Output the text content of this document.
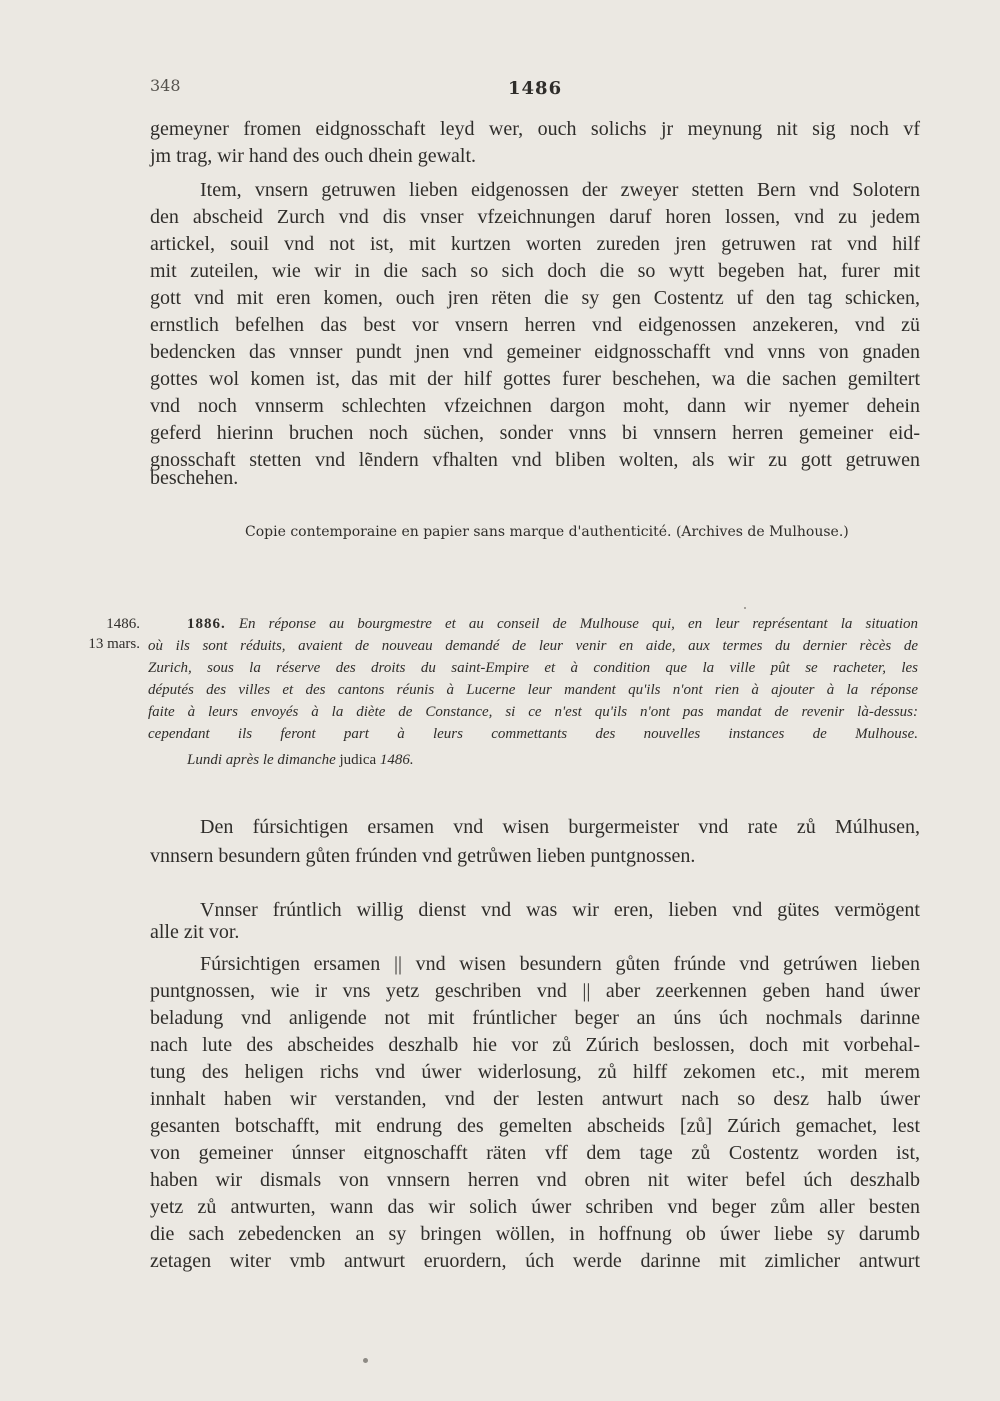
348	1486
gemeyner fromen eidgnosschaft leyd wer, ouch solichs jr meynung nit sig noch vf
jm trag, wir hand des ouch dhein gewalt.
Item, vnsern getruwen lieben eidgenossen der zweyer stetten Bern vnd Solotern
den abscheid Zurch vnd dis vnser vfzeichnungen daruf horen lossen, vnd zu jedem
artickel, souil vnd not ist, mit kurtzen worten zureden jren getruwen rat vnd hilf
mit zuteilen, wie wir in die sach so sich doch die so wytt begeben hat, furer mit
gott vnd mit eren komen, ouch jren rëten die sy gen Costentz uf den tag schicken,
ernstlich befelhen das best vor vnsern herren vnd eidgenossen anzekeren, vnd zü
bedencken das vnnser pundt jnen vnd gemeiner eidgnosschafft vnd vnns von gnaden
gottes wol komen ist, das mit der hilf gottes furer beschehen, wa die sachen gemiltert
vnd noch vnnserm schlechten vfzeichnen dargon moht, dann wir nyemer dehein
geferd hierinn bruchen noch süchen, sonder vnns bi vnnsern herren gemeiner eid-
gnosschaft stetten vnd lẽndern vfhalten vnd bliben wolten, als wir zu gott getruwen
beschehen.
Copie contemporaine en papier sans marque d'authenticité. (Archives de Mulhouse.)
1486.
13 mars.
1886. En réponse au bourgmestre et au conseil de Mulhouse qui, en leur représentant la situation
où ils sont réduits, avaient de nouveau demandé de leur venir en aide, aux termes du dernier rècès de
Zurich, sous la réserve des droits du saint-Empire et à condition que la ville pût se racheter, les
députés des villes et des cantons réunis à Lucerne leur mandent qu'ils n'ont rien à ajouter à la réponse
faite à leurs envoyés à la diète de Constance, si ce n'est qu'ils n'ont pas mandat de revenir là-dessus:
cependant ils feront part à leurs commettants des nouvelles instances de Mulhouse.
Lundi après le dimanche judica 1486.
Den fúrsichtigen ersamen vnd wisen burgermeister vnd rate zů Múlhusen,
vnnsern besundern gůten frúnden vnd getrůwen lieben puntgnossen.
Vnnser frúntlich willig dienst vnd was wir eren, lieben vnd gütes vermögent
alle zit vor.
Fúrsichtigen ersamen || vnd wisen besundern gůten frúnde vnd getrúwen lieben
puntgnossen, wie ir vns yetz geschriben vnd || aber zeerkennen geben hand úwer
beladung vnd anligende not mit frúntlicher beger an úns úch nochmals darinne
nach lute des abscheides deszhalb hie vor zů Zúrich beslossen, doch mit vorbehal-
tung des heligen richs vnd úwer widerlosung, zů hilff zekomen etc., mit merem
innhalt haben wir verstanden, vnd der lesten antwurt nach so desz halb úwer
gesanten botschafft, mit endrung des gemelten abscheids [zů] Zúrich gemachet, lest
von gemeiner únnser eitgnoschafft räten vff dem tage zů Costentz worden ist,
haben wir dismals von vnnsern herren vnd obren nit witer befel úch deszhalb
yetz zů antwurten, wann das wir solich úwer schriben vnd beger zům aller besten
die sach zebedencken an sy bringen wöllen, in hoffnung ob úwer liebe sy darumb
zetagen witer vmb antwurt eruordern, úch werde darinne mit zimlicher antwurt
